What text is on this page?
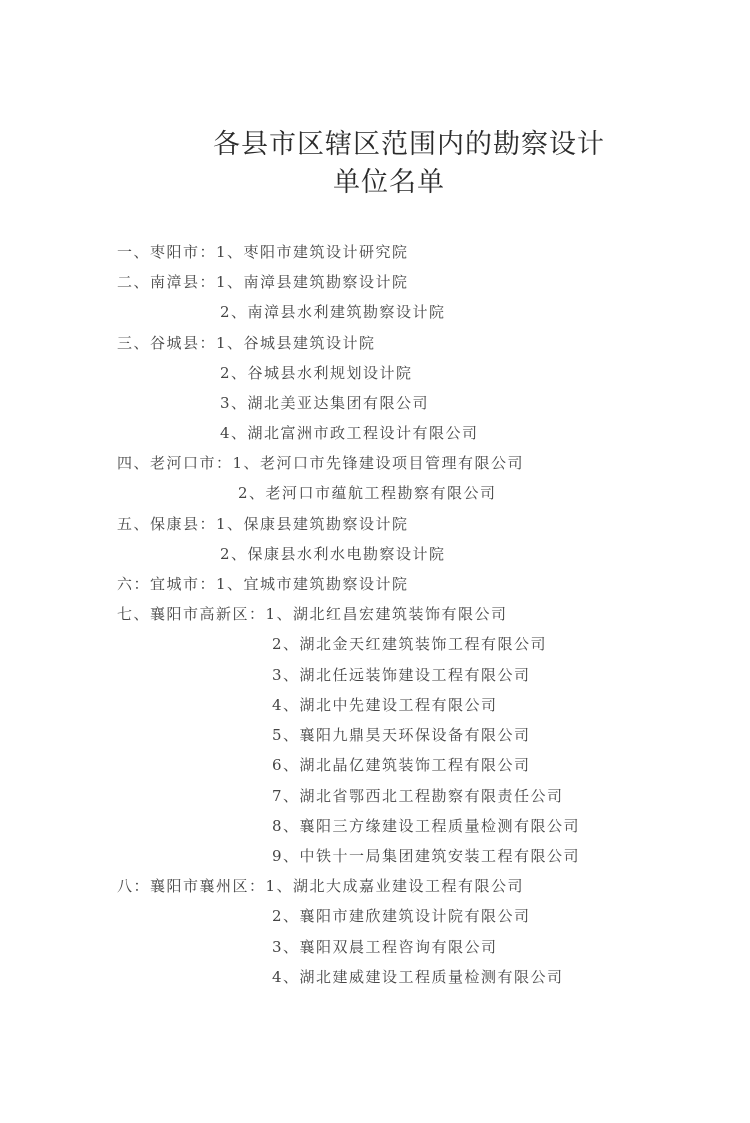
各县市区辖区范围内的勘察设计
单位名单
一、枣阳市：1、枣阳市建筑设计研究院
二、南漳县：1、南漳县建筑勘察设计院
2、南漳县水利建筑勘察设计院
三、谷城县：1、谷城县建筑设计院
2、谷城县水利规划设计院
3、湖北美亚达集团有限公司
4、湖北富洲市政工程设计有限公司
四、老河口市：1、老河口市先锋建设项目管理有限公司
2、老河口市蕴航工程勘察有限公司
五、保康县：1、保康县建筑勘察设计院
2、保康县水利水电勘察设计院
六：宜城市：1、宜城市建筑勘察设计院
七、襄阳市高新区：1、湖北红昌宏建筑装饰有限公司
2、湖北金天红建筑装饰工程有限公司
3、湖北任远装饰建设工程有限公司
4、湖北中先建设工程有限公司
5、襄阳九鼎昊天环保设备有限公司
6、湖北晶亿建筑装饰工程有限公司
7、湖北省鄂西北工程勘察有限责任公司
8、襄阳三方缘建设工程质量检测有限公司
9、中铁十一局集团建筑安装工程有限公司
八：襄阳市襄州区：1、湖北大成嘉业建设工程有限公司
2、襄阳市建欣建筑设计院有限公司
3、襄阳双晨工程咨询有限公司
4、湖北建威建设工程质量检测有限公司
